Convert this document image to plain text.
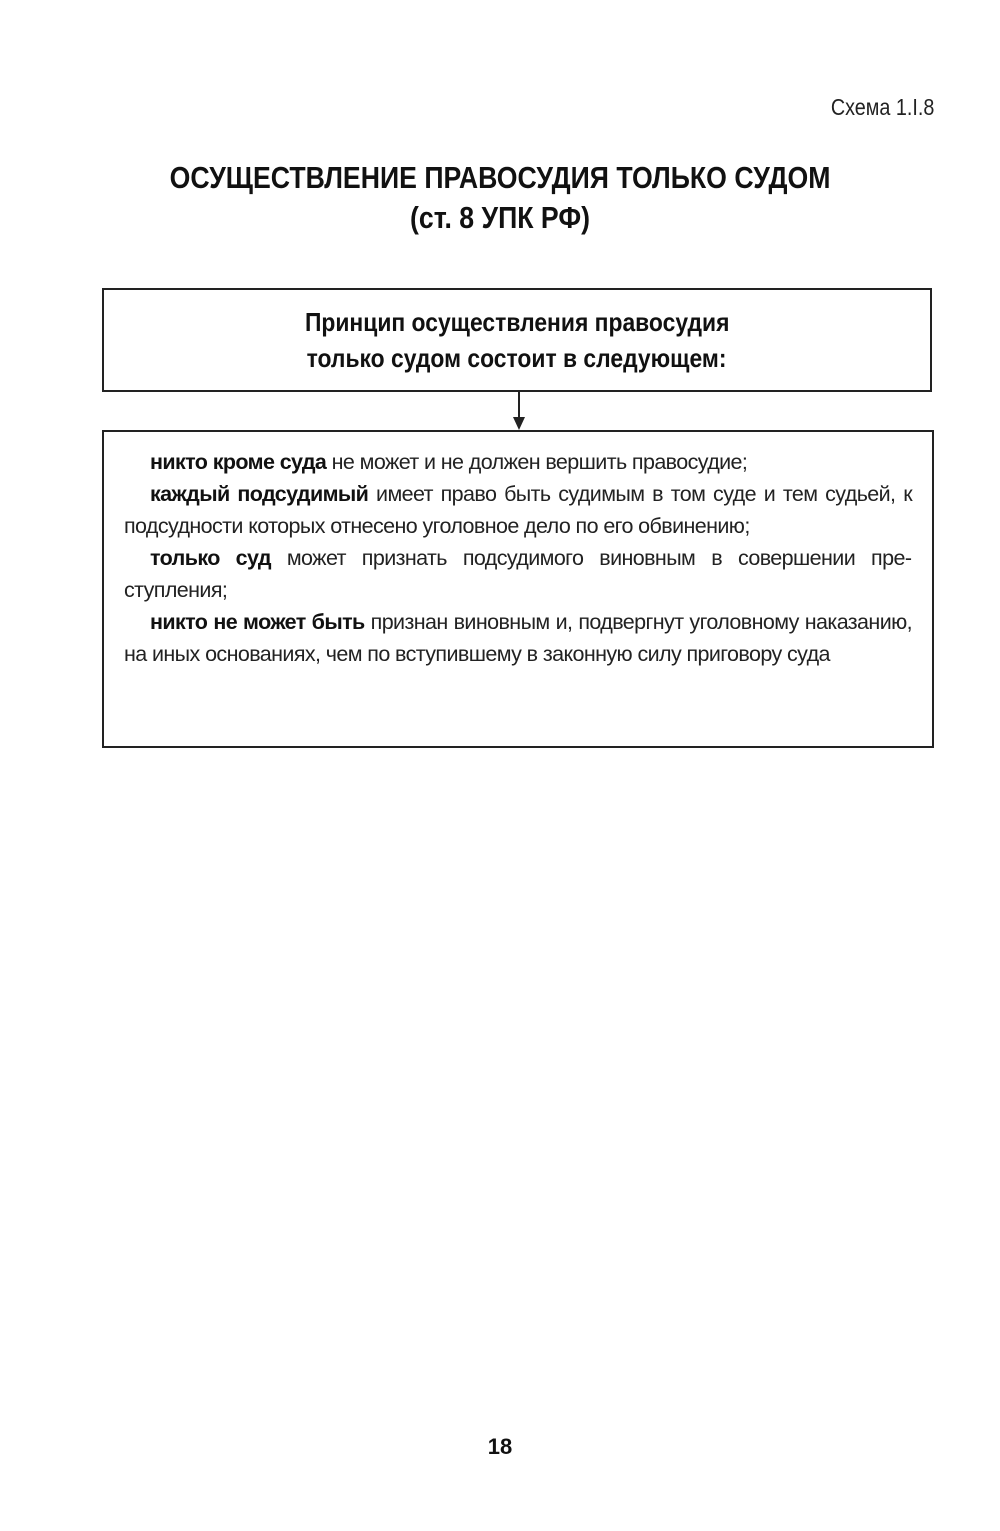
Схема 1.I.8
ОСУЩЕСТВЛЕНИЕ ПРАВОСУДИЯ ТОЛЬКО СУДОМ
(ст. 8 УПК РФ)
Принцип осуществления правосудия
только судом состоит в следующем:

никто кроме суда не может и не должен вершить правосудие;

каждый подсудимый имеет право быть судимым в том суде и тем судьей, к подсудности которых отнесено уголовное дело по его обвинению;

только суд может признать подсудимого виновным в совершении преступления;

никто не может быть признан виновным и, подвергнут уголовному наказанию, на иных основаниях, чем по вступившему в законную силу приговору суда

18
